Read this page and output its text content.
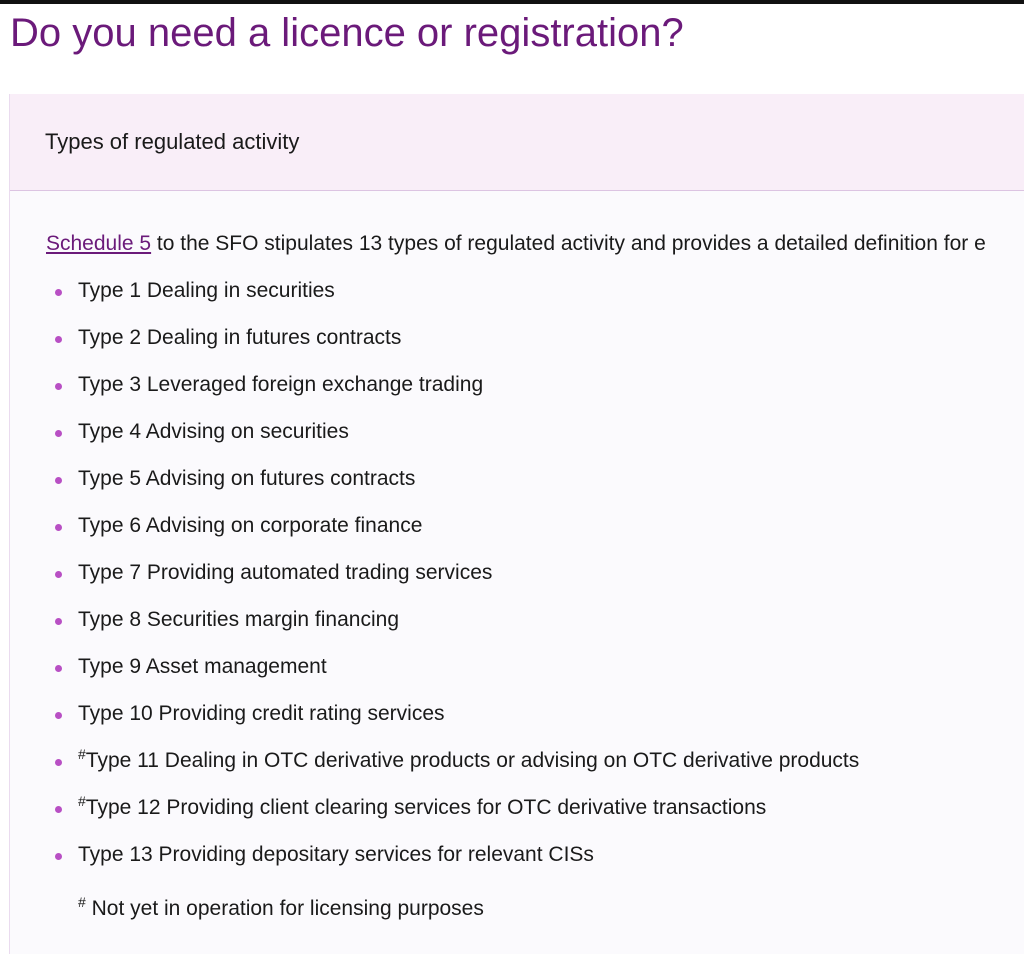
Do you need a licence or registration?
Types of regulated activity
Schedule 5 to the SFO stipulates 13 types of regulated activity and provides a detailed definition for e
Type 1 Dealing in securities
Type 2 Dealing in futures contracts
Type 3 Leveraged foreign exchange trading
Type 4 Advising on securities
Type 5 Advising on futures contracts
Type 6 Advising on corporate finance
Type 7 Providing automated trading services
Type 8 Securities margin financing
Type 9 Asset management
Type 10 Providing credit rating services
#Type 11 Dealing in OTC derivative products or advising on OTC derivative products
#Type 12 Providing client clearing services for OTC derivative transactions
Type 13 Providing depositary services for relevant CISs
# Not yet in operation for licensing purposes
